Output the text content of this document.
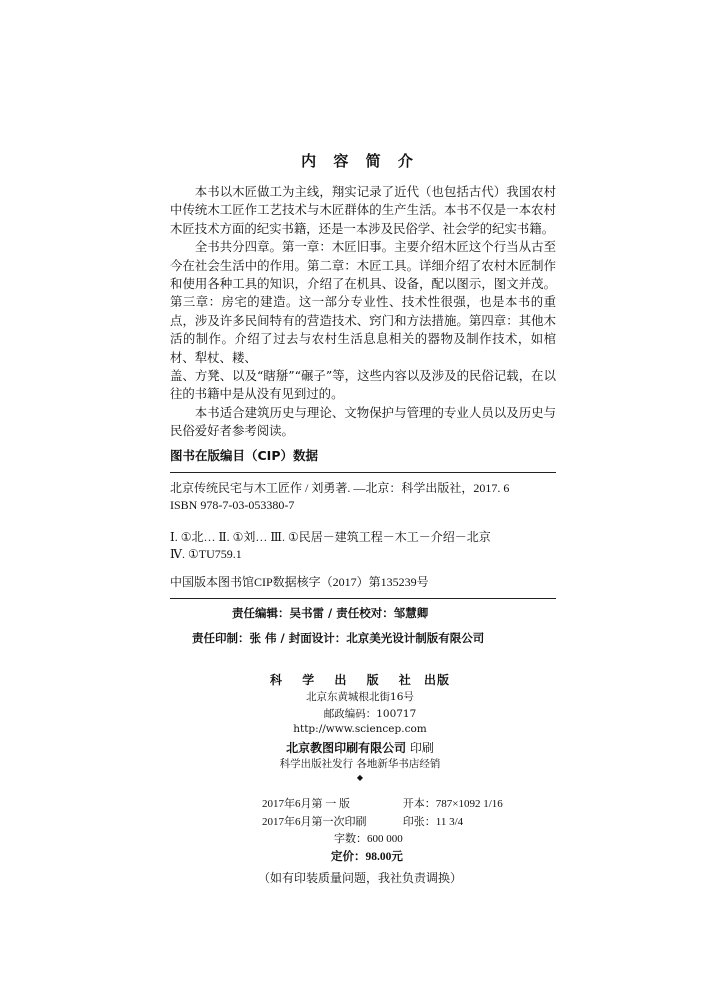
内 容 简 介

本书以木匠做工为主线，翔实记录了近代（也包括古代）我国农村中传统木工匠作工艺技术与木匠群体的生产生活。本书不仅是一本农村木匠技术方面的纪实书籍，还是一本涉及民俗学、社会学的纪实书籍。

全书共分四章。第一章：木匠旧事。主要介绍木匠这个行当从古至今在社会生活中的作用。第二章：木匠工具。详细介绍了农村木匠制作和使用各种工具的知识，介绍了在机具、设备，配以图示，图文并茂。第三章：房宅的建造。这一部分专业性、技术性很强，也是本书的重点，涉及许多民间特有的营造技术、窍门和方法措施。第四章：其他木活的制作。介绍了过去与农村生活息息相关的器物及制作技术，如棺材、犁杖、耧、

盖、方凳、以及“瞎掰”“碾子”等，这些内容以及涉及的民俗记载，在以往的书籍中是从没有见到过的。

本书适合建筑历史与理论、文物保护与管理的专业人员以及历史与民俗爱好者参考阅读。

图书在版编目（CIP）数据
北京传统民宅与木工匠作 / 刘勇著. —北京：科学出版社，2017. 6
ISBN 978-7-03-053380-7
Ⅰ. ①北… Ⅱ. ①刘… Ⅲ. ①民居－建筑工程－木工－介绍－北京
Ⅳ. ①TU759.1
中国版本图书馆CIP数据核字（2017）第135239号
责任编辑：吴书雷 / 责任校对：邹慧卿
责任印制：张 伟 / 封面设计：北京美光设计制版有限公司
科 学 出 版 社 出版
北京东黄城根北街16号
邮政编码：100717
http://www.sciencep.com
北京教图印刷有限公司 印刷
科学出版社发行 各地新华书店经销
◆
2017年6月第 一 版	开本：787×1092 1/16
2017年6月第一次印刷	印张：11 3/4
字数：600 000
定价：98.00元
（如有印装质量问题，我社负责调换）
